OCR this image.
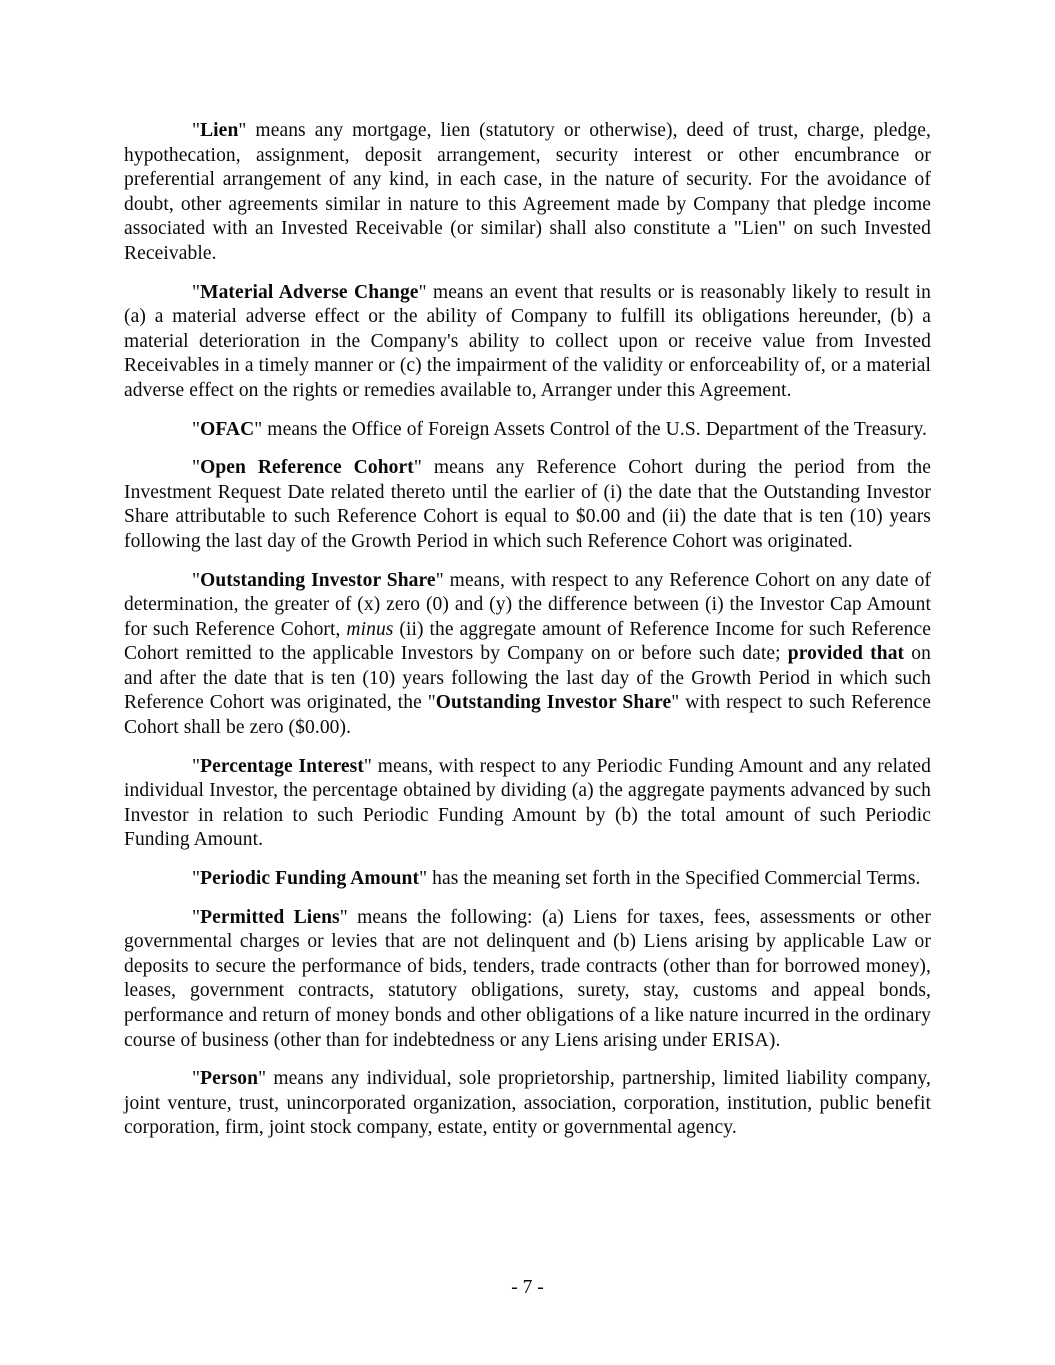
"Lien" means any mortgage, lien (statutory or otherwise), deed of trust, charge, pledge, hypothecation, assignment, deposit arrangement, security interest or other encumbrance or preferential arrangement of any kind, in each case, in the nature of security. For the avoidance of doubt, other agreements similar in nature to this Agreement made by Company that pledge income associated with an Invested Receivable (or similar) shall also constitute a "Lien" on such Invested Receivable.

"Material Adverse Change" means an event that results or is reasonably likely to result in (a) a material adverse effect or the ability of Company to fulfill its obligations hereunder, (b) a material deterioration in the Company's ability to collect upon or receive value from Invested Receivables in a timely manner or (c) the impairment of the validity or enforceability of, or a material adverse effect on the rights or remedies available to, Arranger under this Agreement.

"OFAC" means the Office of Foreign Assets Control of the U.S. Department of the Treasury.

"Open Reference Cohort" means any Reference Cohort during the period from the Investment Request Date related thereto until the earlier of (i) the date that the Outstanding Investor Share attributable to such Reference Cohort is equal to $0.00 and (ii) the date that is ten (10) years following the last day of the Growth Period in which such Reference Cohort was originated.

"Outstanding Investor Share" means, with respect to any Reference Cohort on any date of determination, the greater of (x) zero (0) and (y) the difference between (i) the Investor Cap Amount for such Reference Cohort, minus (ii) the aggregate amount of Reference Income for such Reference Cohort remitted to the applicable Investors by Company on or before such date; provided that on and after the date that is ten (10) years following the last day of the Growth Period in which such Reference Cohort was originated, the "Outstanding Investor Share" with respect to such Reference Cohort shall be zero ($0.00).

"Percentage Interest" means, with respect to any Periodic Funding Amount and any related individual Investor, the percentage obtained by dividing (a) the aggregate payments advanced by such Investor in relation to such Periodic Funding Amount by (b) the total amount of such Periodic Funding Amount.

"Periodic Funding Amount" has the meaning set forth in the Specified Commercial Terms.

"Permitted Liens" means the following: (a) Liens for taxes, fees, assessments or other governmental charges or levies that are not delinquent and (b) Liens arising by applicable Law or deposits to secure the performance of bids, tenders, trade contracts (other than for borrowed money), leases, government contracts, statutory obligations, surety, stay, customs and appeal bonds, performance and return of money bonds and other obligations of a like nature incurred in the ordinary course of business (other than for indebtedness or any Liens arising under ERISA).

"Person" means any individual, sole proprietorship, partnership, limited liability company, joint venture, trust, unincorporated organization, association, corporation, institution, public benefit corporation, firm, joint stock company, estate, entity or governmental agency.

- 7 -
